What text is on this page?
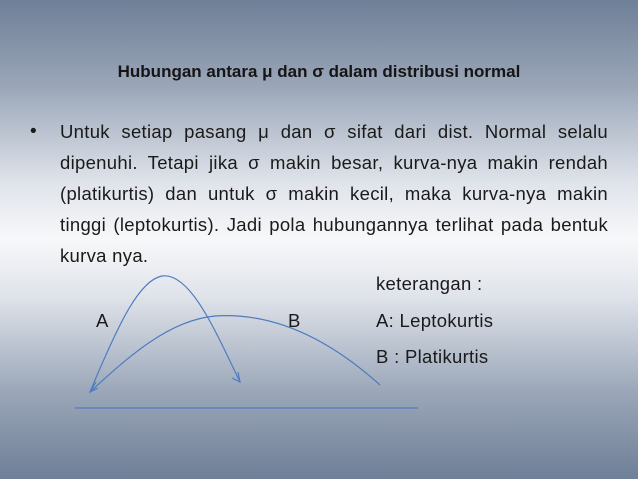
Hubungan antara μ dan σ dalam distribusi normal
• Untuk setiap pasang μ dan σ sifat dari dist. Normal selalu dipenuhi. Tetapi jika σ makin besar, kurva-nya makin rendah (platikurtis) dan untuk σ makin kecil, maka kurva-nya makin tinggi (leptokurtis). Jadi pola hubungannya terlihat pada bentuk kurva nya.
A	B
keterangan :
A: Leptokurtis
B : Platikurtis
